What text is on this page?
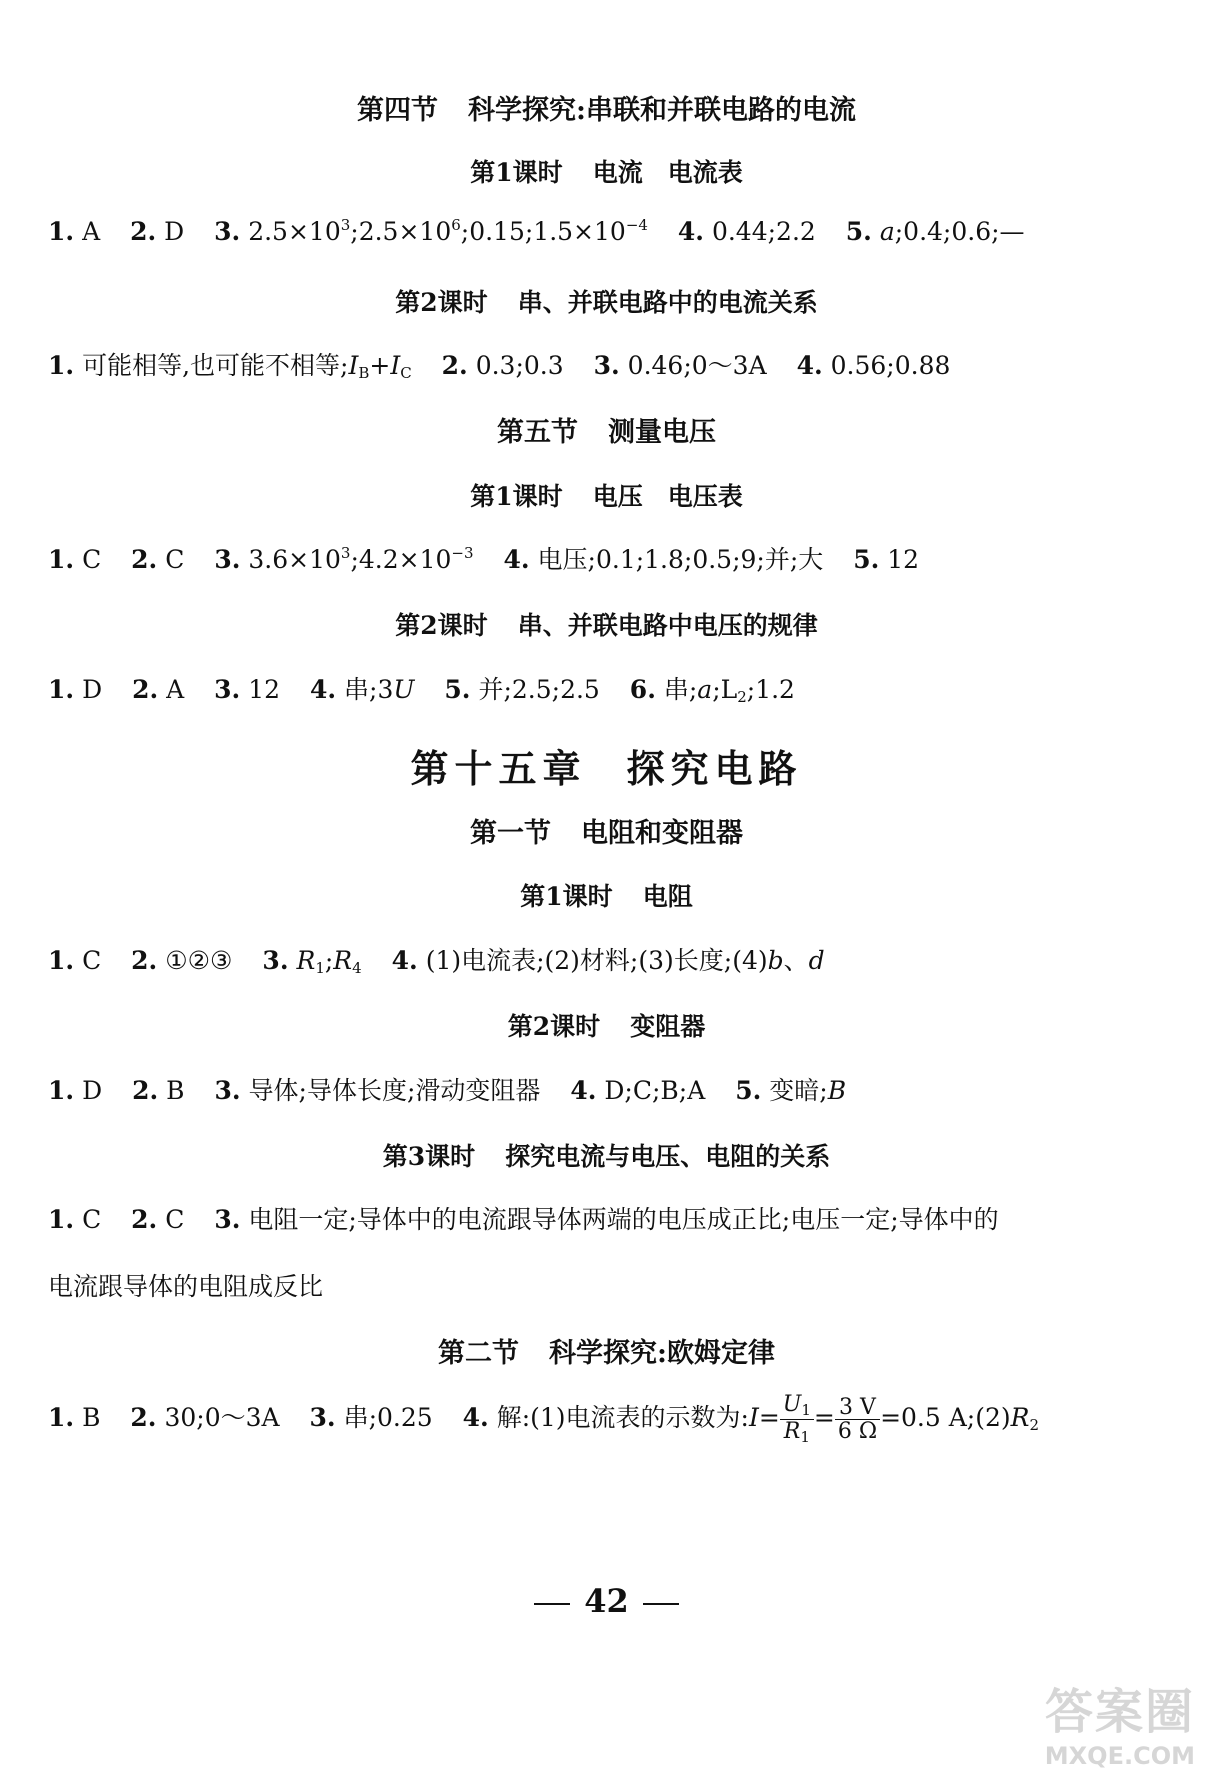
第四节 科学探究:串联和并联电路的电流
第1课时 电流　电流表
1. A 2. D 3. $2.5\times 10^3;2.5\times 10^6;0.15;1.5\times 10^{-4}$ 4. 0.44;2.2 5. a;0.4;0.6;—
第2课时 串、并联电路中的电流关系
1. 可能相等,也可能不相等$;I_B+I_C$ 2. 0.3;0.3 3. 0.46;0～3A 4. 0.56;0.88
第五节 测量电压
第1课时 电压　电压表
1. C 2. C 3. $3.6\times 10^3;4.2\times 10^{-3}$ 4. 电压;0.1;1.8;0.5;9;并;大 5. 12
第2课时 串、并联电路中电压的规律
1. D 2. A 3. 12 4. 串;3U 5. 并;2.5;2.5 6. 串$;a;L_2;1.2$
第十五章 探究电路
第一节 电阻和变阻器
第1课时 电阻
1. C 2. ①②③ 3. $R_1;R_4$ 4. (1)电流表;(2)材料;(3)长度;(4)b、d
第2课时 变阻器
1. D 2. B 3. 导体;导体长度;滑动变阻器 4. D;C;B;A 5. 变暗;B
第3课时 探究电流与电压、电阻的关系
1. C 2. C 3. 电阻一定;导体中的电流跟导体两端的电压成正比;电压一定;导体中的
电流跟导体的电阻成反比
第二节 科学探究:欧姆定律
1. B 2. 30;0～3A 3. 串;0.25 4. 解:(1)电流表的示数为:I= $\frac{U_1}{R_1} = \frac{3 V}{6 \Omega} =0.5$ $A;(2)R_2$
42
答案圈
MXQE.COM
